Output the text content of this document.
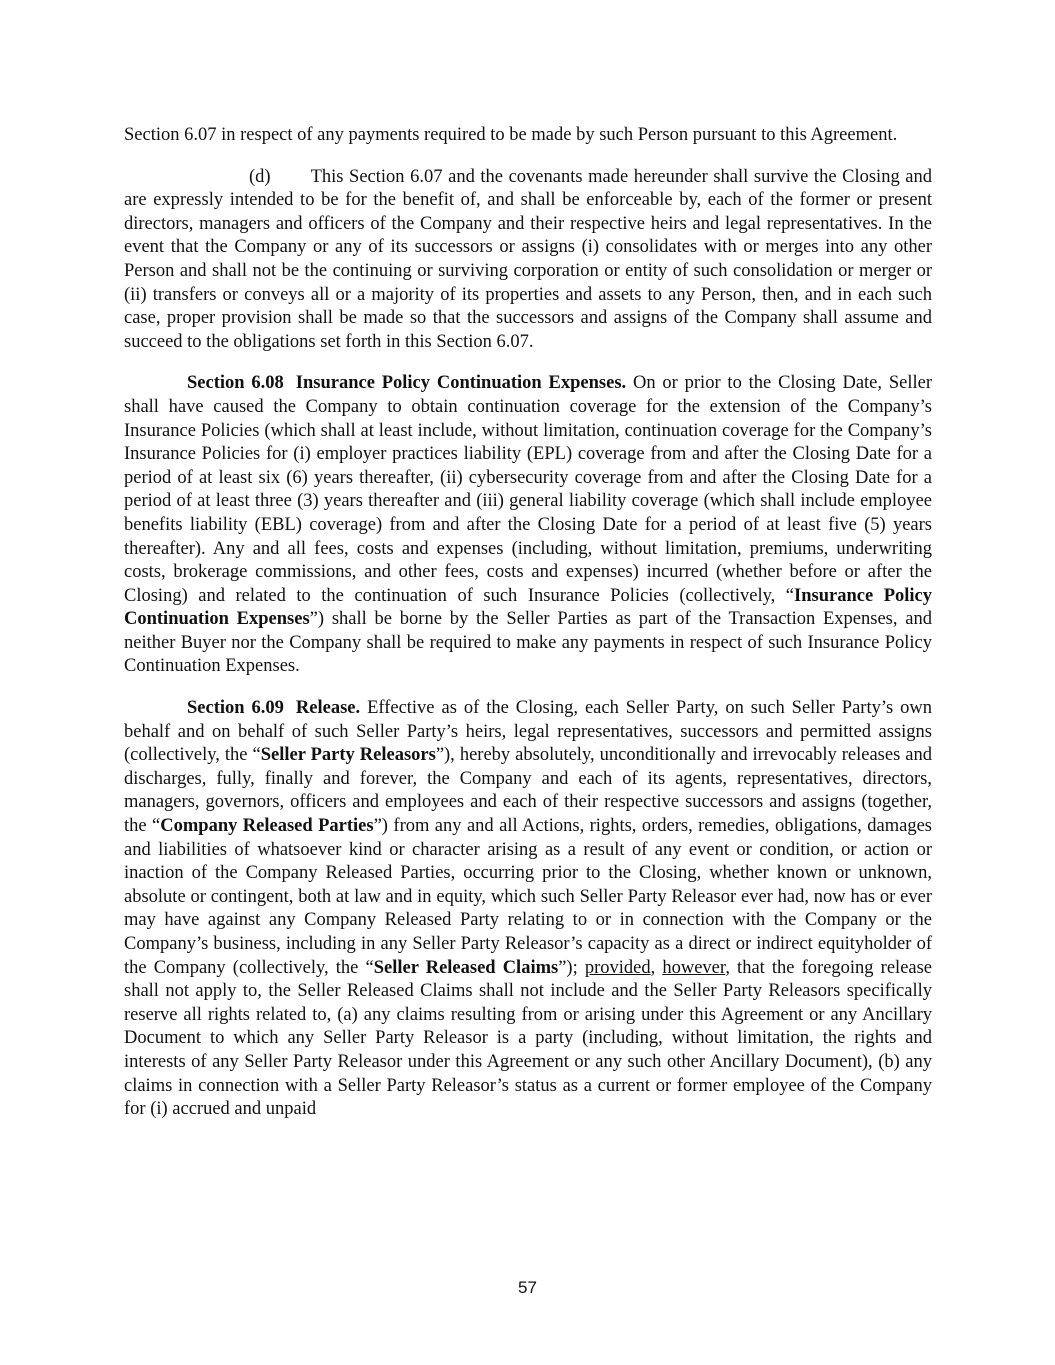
Section 6.07 in respect of any payments required to be made by such Person pursuant to this Agreement.

(d) This Section 6.07 and the covenants made hereunder shall survive the Closing and are expressly intended to be for the benefit of, and shall be enforceable by, each of the former or present directors, managers and officers of the Company and their respective heirs and legal representatives. In the event that the Company or any of its successors or assigns (i) consolidates with or merges into any other Person and shall not be the continuing or surviving corporation or entity of such consolidation or merger or (ii) transfers or conveys all or a majority of its properties and assets to any Person, then, and in each such case, proper provision shall be made so that the successors and assigns of the Company shall assume and succeed to the obligations set forth in this Section 6.07.

Section 6.08 Insurance Policy Continuation Expenses. On or prior to the Closing Date, Seller shall have caused the Company to obtain continuation coverage for the extension of the Company’s Insurance Policies (which shall at least include, without limitation, continuation coverage for the Company’s Insurance Policies for (i) employer practices liability (EPL) coverage from and after the Closing Date for a period of at least six (6) years thereafter, (ii) cybersecurity coverage from and after the Closing Date for a period of at least three (3) years thereafter and (iii) general liability coverage (which shall include employee benefits liability (EBL) coverage) from and after the Closing Date for a period of at least five (5) years thereafter). Any and all fees, costs and expenses (including, without limitation, premiums, underwriting costs, brokerage commissions, and other fees, costs and expenses) incurred (whether before or after the Closing) and related to the continuation of such Insurance Policies (collectively, “Insurance Policy Continuation Expenses”) shall be borne by the Seller Parties as part of the Transaction Expenses, and neither Buyer nor the Company shall be required to make any payments in respect of such Insurance Policy Continuation Expenses.

Section 6.09 Release. Effective as of the Closing, each Seller Party, on such Seller Party’s own behalf and on behalf of such Seller Party’s heirs, legal representatives, successors and permitted assigns (collectively, the “Seller Party Releasors”), hereby absolutely, unconditionally and irrevocably releases and discharges, fully, finally and forever, the Company and each of its agents, representatives, directors, managers, governors, officers and employees and each of their respective successors and assigns (together, the “Company Released Parties”) from any and all Actions, rights, orders, remedies, obligations, damages and liabilities of whatsoever kind or character arising as a result of any event or condition, or action or inaction of the Company Released Parties, occurring prior to the Closing, whether known or unknown, absolute or contingent, both at law and in equity, which such Seller Party Releasor ever had, now has or ever may have against any Company Released Party relating to or in connection with the Company or the Company’s business, including in any Seller Party Releasor’s capacity as a direct or indirect equityholder of the Company (collectively, the “Seller Released Claims”); provided, however, that the foregoing release shall not apply to, the Seller Released Claims shall not include and the Seller Party Releasors specifically reserve all rights related to, (a) any claims resulting from or arising under this Agreement or any Ancillary Document to which any Seller Party Releasor is a party (including, without limitation, the rights and interests of any Seller Party Releasor under this Agreement or any such other Ancillary Document), (b) any claims in connection with a Seller Party Releasor’s status as a current or former employee of the Company for (i) accrued and unpaid

57
